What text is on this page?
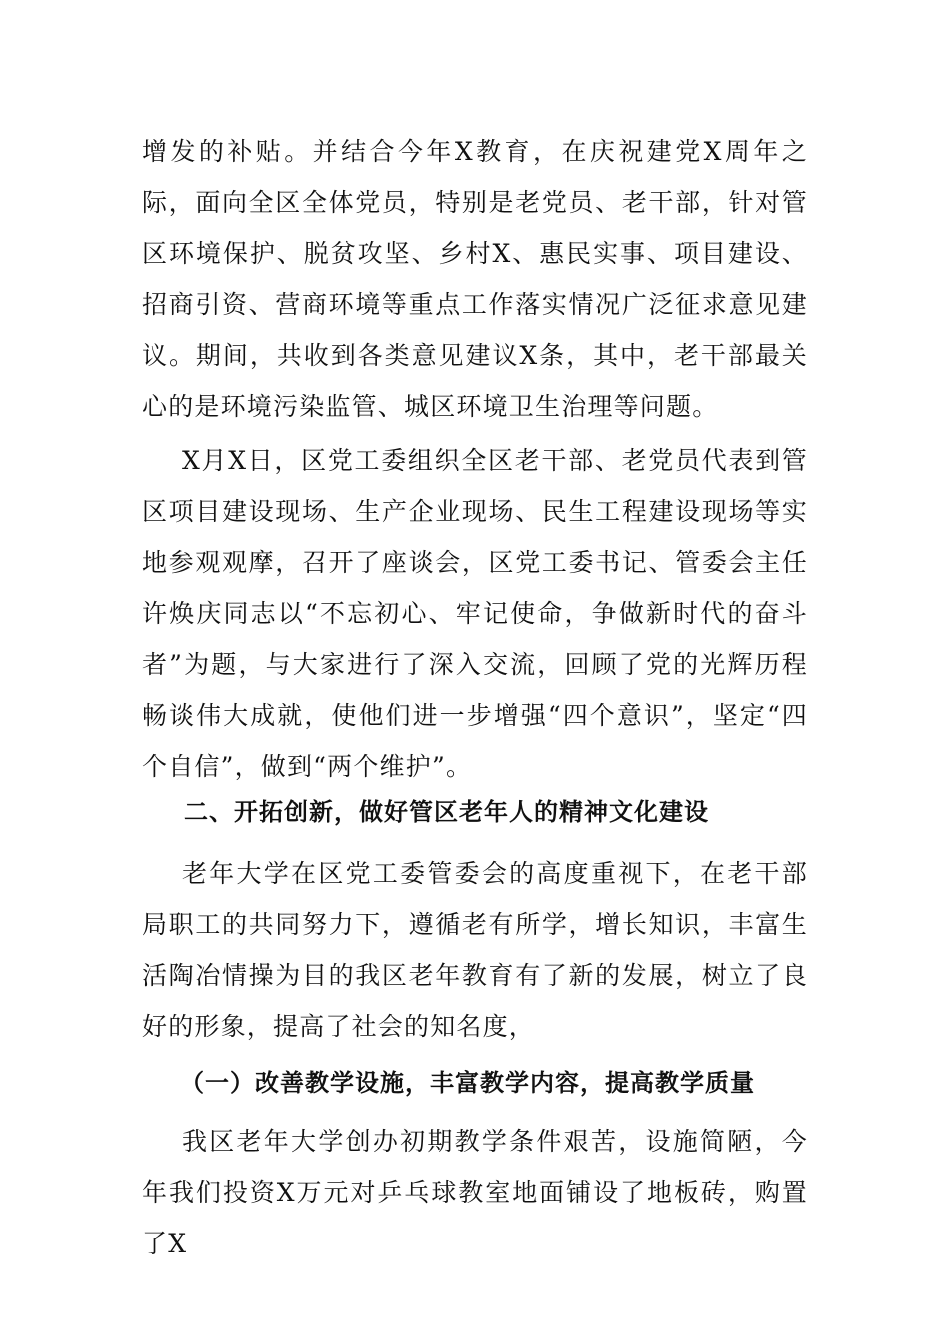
增发的补贴。并结合今年X教育，在庆祝建党X周年之际，面向全区全体党员，特别是老党员、老干部，针对管区环境保护、脱贫攻坚、乡村X、惠民实事、项目建设、招商引资、营商环境等重点工作落实情况广泛征求意见建议。期间，共收到各类意见建议X条，其中，老干部最关心的是环境污染监管、城区环境卫生治理等问题。

X月X日，区党工委组织全区老干部、老党员代表到管区项目建设现场、生产企业现场、民生工程建设现场等实地参观观摩，召开了座谈会，区党工委书记、管委会主任许焕庆同志以“不忘初心、牢记使命，争做新时代的奋斗者”为题，与大家进行了深入交流，回顾了党的光辉历程畅谈伟大成就，使他们进一步增强“四个意识”，坚定“四个自信”，做到“两个维护”。

二、开拓创新，做好管区老年人的精神文化建设

老年大学在区党工委管委会的高度重视下，在老干部局职工的共同努力下，遵循老有所学，增长知识，丰富生活陶冶情操为目的我区老年教育有了新的发展，树立了良好的形象，提高了社会的知名度，

（一）改善教学设施，丰富教学内容，提高教学质量

我区老年大学创办初期教学条件艰苦，设施简陋，今年我们投资X万元对乒乓球教室地面铺设了地板砖，购置了X
